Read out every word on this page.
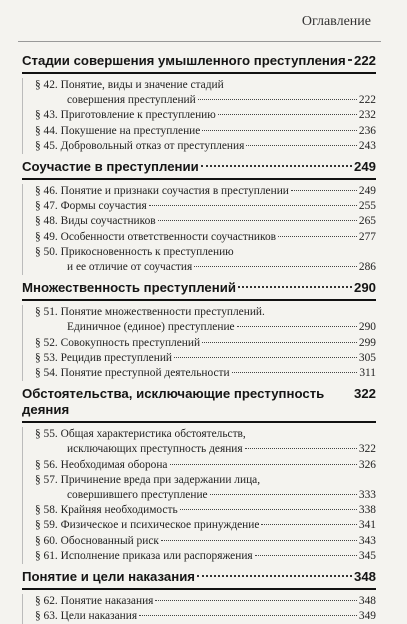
Оглавление
Стадии совершения умышленного преступления 222
§ 42. Понятие, виды и значение стадий
совершения преступлений	222
§ 43. Приготовление к преступлению	232
§ 44. Покушение на преступление	236
§ 45. Добровольный отказ от преступления	243
Соучастие в преступлении	249
§ 46. Понятие и признаки соучастия в преступлении	249
§ 47. Формы соучастия	255
§ 48. Виды соучастников	265
§ 49. Особенности ответственности соучастников	277
§ 50. Прикосновенность к преступлению
и ее отличие от соучастия	286
Множественность преступлений	290
§ 51. Понятие множественности преступлений.
Единичное (единое) преступление	290
§ 52. Совокупность преступлений	299
§ 53. Рецидив преступлений	305
§ 54. Понятие преступной деятельности	311
Обстоятельства, исключающие преступность деяния
322
§ 55. Общая характеристика обстоятельств,
исключающих преступность деяния	322
§ 56. Необходимая оборона	326
§ 57. Причинение вреда при задержании лица,
совершившего преступление	333
§ 58. Крайняя необходимость	338
§ 59. Физическое и психическое принуждение	341
§ 60. Обоснованный риск	343
§ 61. Исполнение приказа или распоряжения	345
Понятие и цели наказания	348
§ 62. Понятие наказания	348
§ 63. Цели наказания	349
